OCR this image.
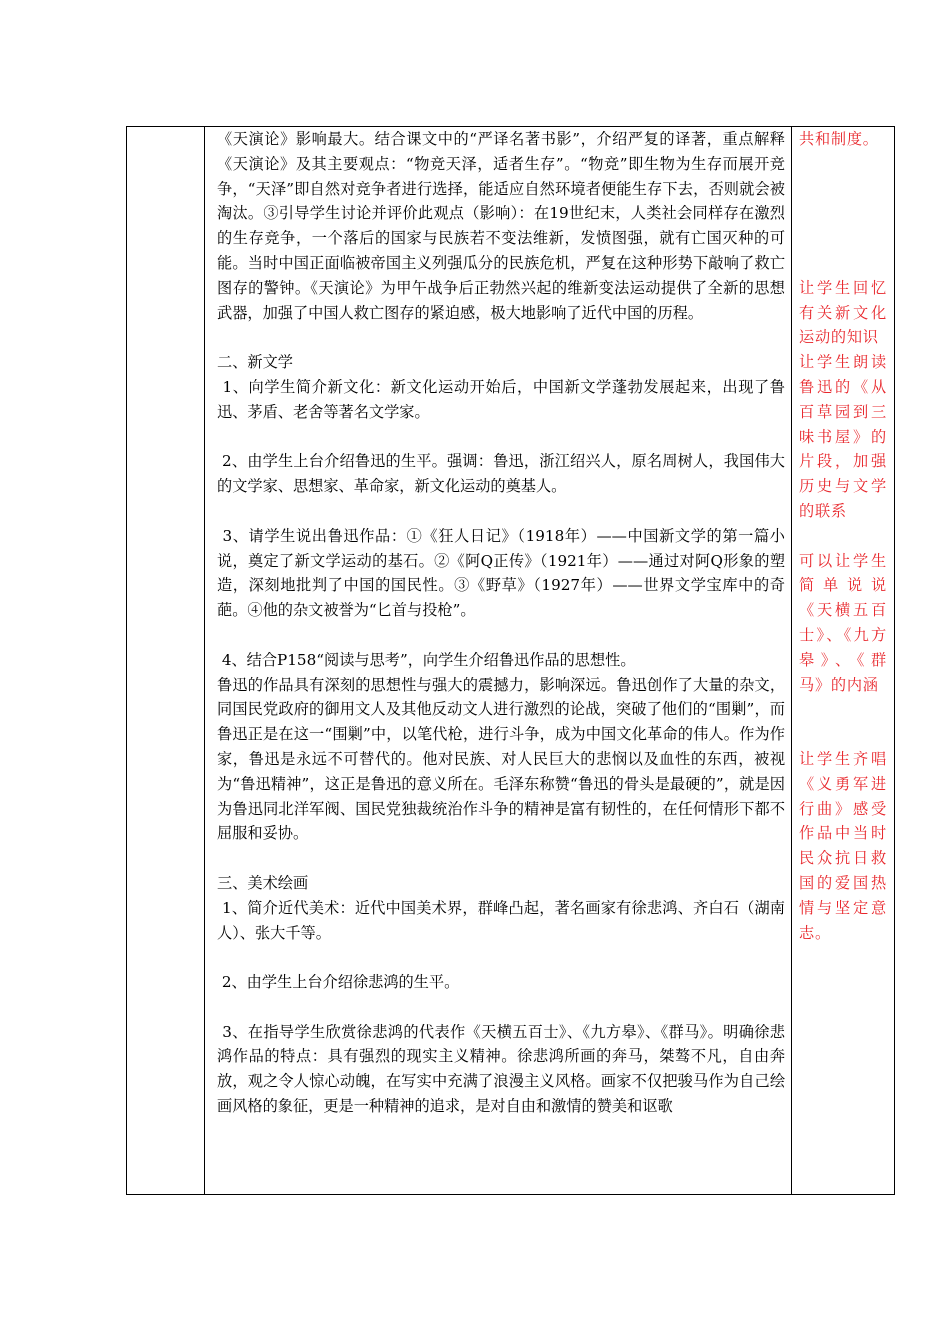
《天演论》影响最大。结合课文中的“严译名著书影”，介绍严复的译著，重点解释《天演论》及其主要观点：“物竞天泽，适者生存”。“物竞”即生物为生存而展开竞争，“天泽”即自然对竞争者进行选择，能适应自然环境者便能生存下去，否则就会被淘汰。③引导学生讨论并评价此观点（影响）：在19世纪末，人类社会同样存在激烈的生存竞争，一个落后的国家与民族若不变法维新，发愤图强，就有亡国灭种的可能。当时中国正面临被帝国主义列强瓜分的民族危机，严复在这种形势下敲响了救亡图存的警钟。《天演论》为甲午战争后正勃然兴起的维新变法运动提供了全新的思想武器，加强了中国人救亡图存的紧迫感，极大地影响了近代中国的历程。

二、新文学

1、向学生简介新文化：新文化运动开始后，中国新文学蓬勃发展起来，出现了鲁迅、茅盾、老舍等著名文学家。

2、由学生上台介绍鲁迅的生平。强调：鲁迅，浙江绍兴人，原名周树人，我国伟大的文学家、思想家、革命家，新文化运动的奠基人。

3、请学生说出鲁迅作品：①《狂人日记》（1918年）——中国新文学的第一篇小说，奠定了新文学运动的基石。②《阿Q正传》（1921年）——通过对阿Q形象的塑造，深刻地批判了中国的国民性。③《野草》（1927年）——世界文学宝库中的奇葩。④他的杂文被誉为“匕首与投枪”。

4、结合P158“阅读与思考”，向学生介绍鲁迅作品的思想性。

鲁迅的作品具有深刻的思想性与强大的震撼力，影响深远。鲁迅创作了大量的杂文，同国民党政府的御用文人及其他反动文人进行激烈的论战，突破了他们的“围剿”，而鲁迅正是在这一“围剿”中，以笔代枪，进行斗争，成为中国文化革命的伟人。作为作家，鲁迅是永远不可替代的。他对民族、对人民巨大的悲悯以及血性的东西，被视为“鲁迅精神”，这正是鲁迅的意义所在。毛泽东称赞“鲁迅的骨头是最硬的”，就是因为鲁迅同北洋军阀、国民党独裁统治作斗争的精神是富有韧性的，在任何情形下都不屈服和妥协。

三、美术绘画

1、简介近代美术：近代中国美术界，群峰凸起，著名画家有徐悲鸿、齐白石（湖南人）、张大千等。

2、由学生上台介绍徐悲鸿的生平。

3、在指导学生欣赏徐悲鸿的代表作《天横五百士》、《九方皋》、《群马》。明确徐悲鸿作品的特点：具有强烈的现实主义精神。徐悲鸿所画的奔马，桀骜不凡，自由奔放，观之令人惊心动魄，在写实中充满了浪漫主义风格。画家不仅把骏马作为自己绘画风格的象征，更是一种精神的追求，是对自由和激情的赞美和讴歌

共和制度。

让学生回忆有关新文化运动的知识

让学生朗读鲁迅的《从百草园到三味书屋》的片段，加强历史与文学的联系

可以让学生简单说说《天横五百士》、《九方皋》、《群马》的内涵

让学生齐唱《义勇军进行曲》感受作品中当时民众抗日救国的爱国热情与坚定意志。
